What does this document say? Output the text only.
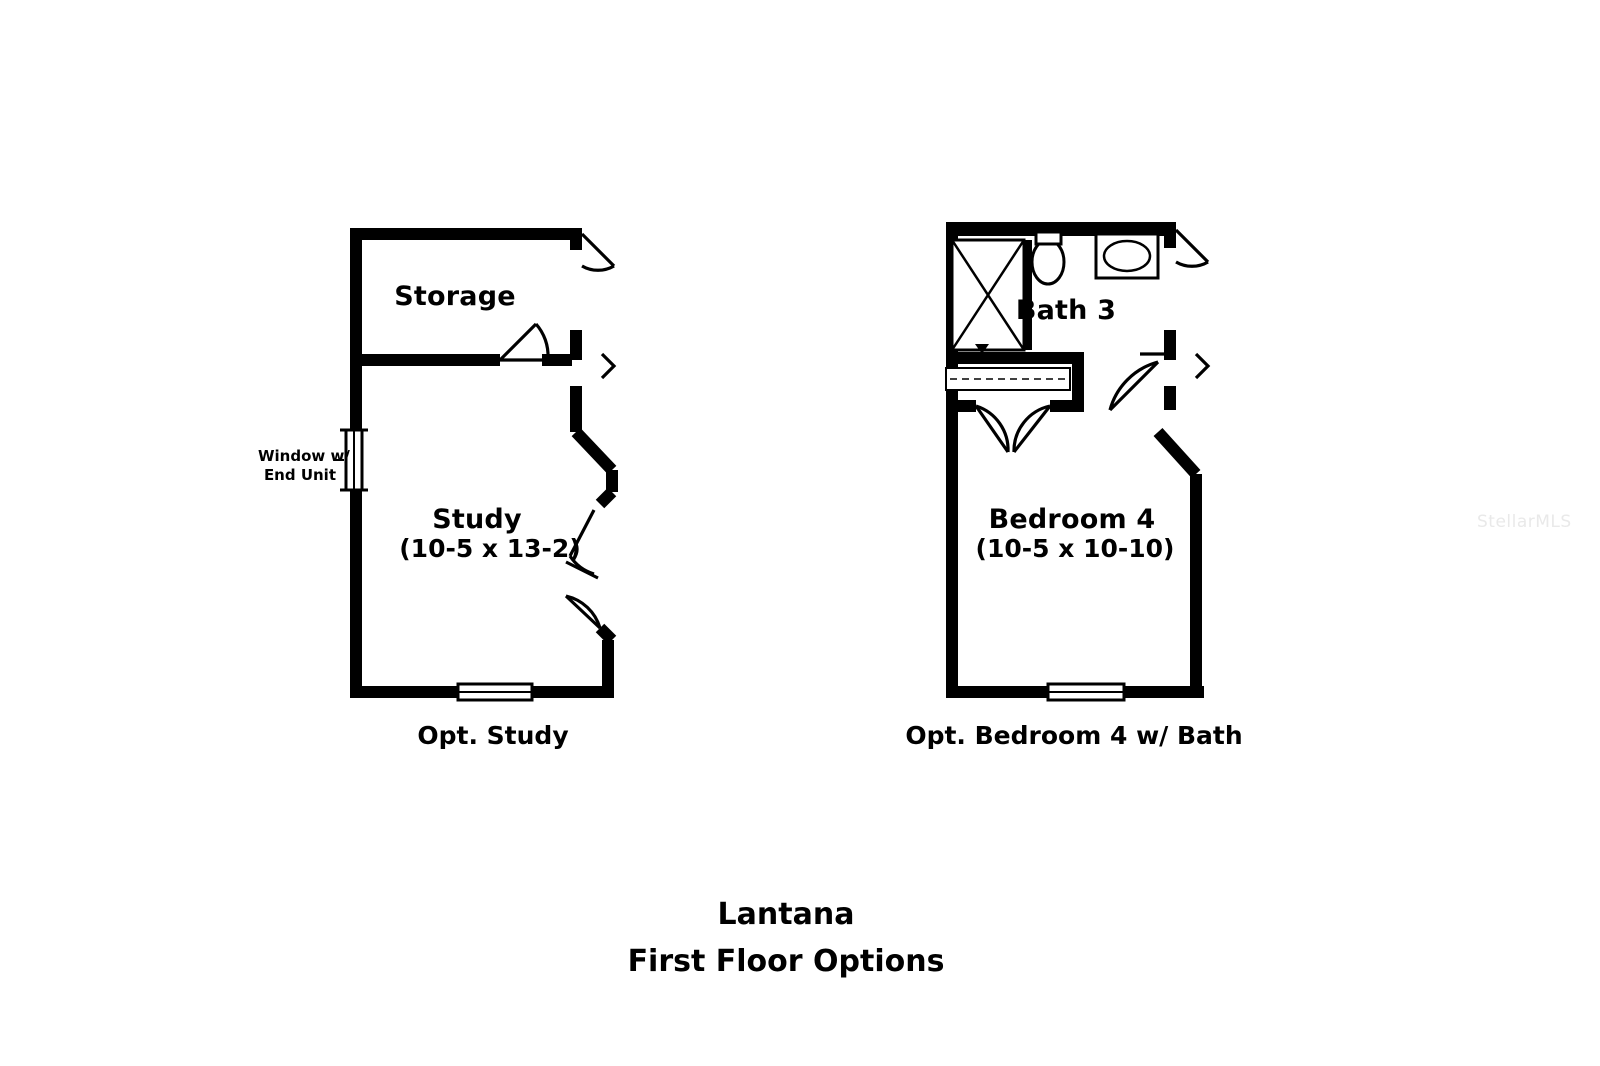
Storage
Study
(10-5 x 13-2)
Window w/
End Unit
Opt. Study
Bath 3
Bedroom 4
(10-5 x 10-10)
Opt. Bedroom 4 w/ Bath
Lantana
First Floor Options
StellarMLS
